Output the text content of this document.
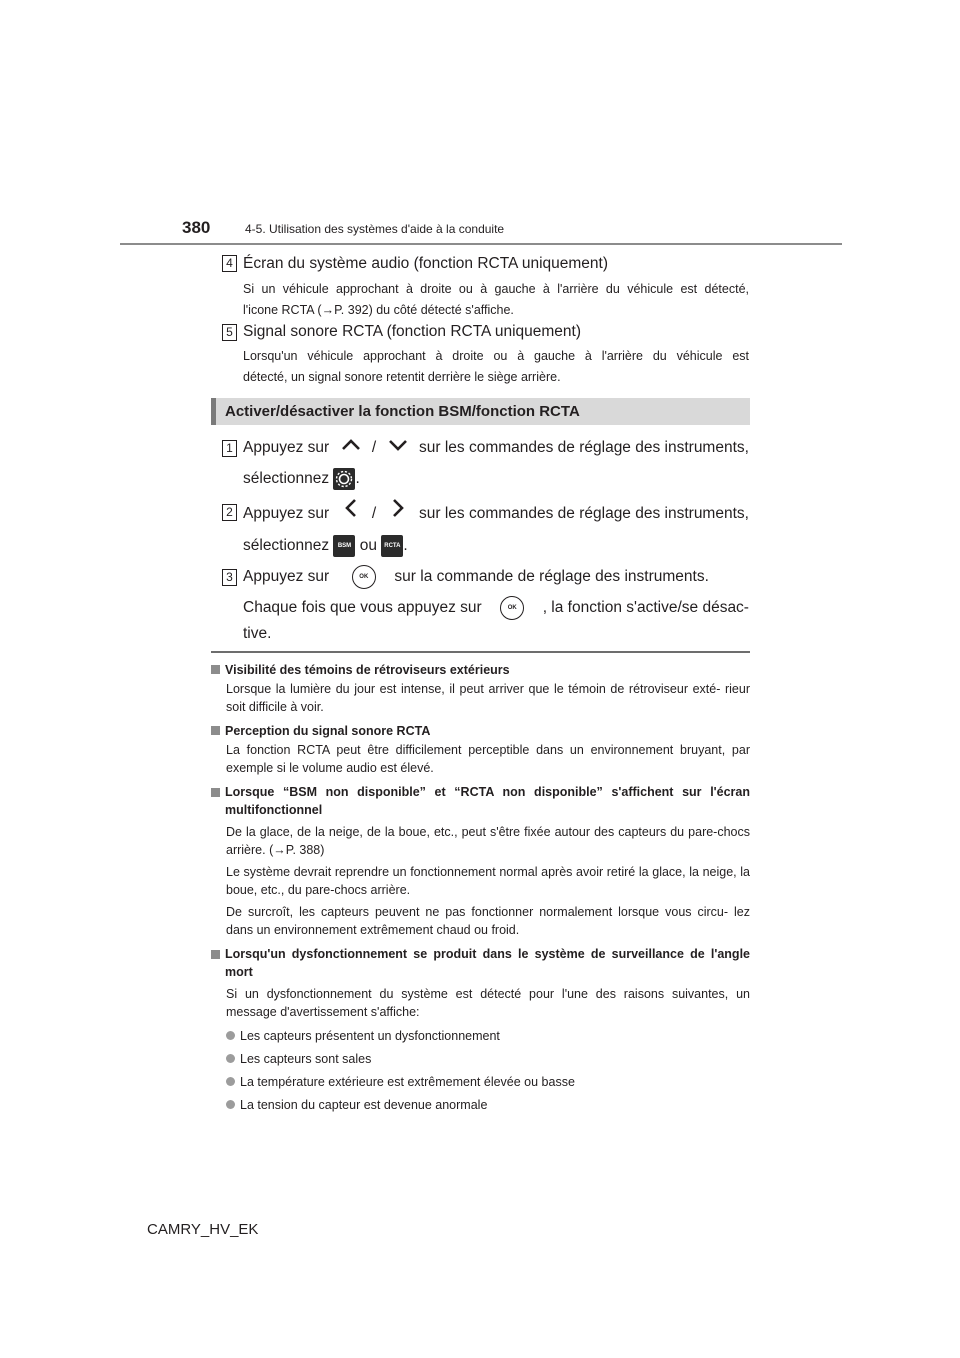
380	4-5. Utilisation des systèmes d'aide à la conduite
4 Écran du système audio (fonction RCTA uniquement)
Si un véhicule approchant à droite ou à gauche à l'arrière du véhicule est détecté,
l'icone RCTA (→P. 392) du côté détecté s'affiche.
5 Signal sonore RCTA (fonction RCTA uniquement)
Lorsqu'un véhicule approchant à droite ou à gauche à l'arrière du véhicule est
détecté, un signal sonore retentit derrière le siège arrière.
Activer/désactiver la fonction BSM/fonction RCTA
1 Appuyez sur	/	sur les commandes de réglage des instruments,
sélectionnez .
2 Appuyez sur	/	sur les commandes de réglage des instruments,
sélectionnez BSM ou RCTA .
3 Appuyez sur	OK sur la commande de réglage des instruments.
Chaque fois que vous appuyez sur	OK	, la fonction s'active/se désac-
tive.
Visibilité des témoins de rétroviseurs extérieurs
Lorsque la lumière du jour est intense, il peut arriver que le témoin de rétroviseur exté- rieur soit difficile à voir.
Perception du signal sonore RCTA
La fonction RCTA peut être difficilement perceptible dans un environnement bruyant, par exemple si le volume audio est élevé.
Lorsque “BSM non disponible” et “RCTA non disponible” s'affichent sur l'écran multifonctionnel
De la glace, de la neige, de la boue, etc., peut s'être fixée autour des capteurs du pare-chocs arrière. (→P. 388)
Le système devrait reprendre un fonctionnement normal après avoir retiré la glace, la neige, la boue, etc., du pare-chocs arrière.
De surcroît, les capteurs peuvent ne pas fonctionner normalement lorsque vous circu- lez dans un environnement extrêmement chaud ou froid.
Lorsqu'un dysfonctionnement se produit dans le système de surveillance de l'angle mort
Si un dysfonctionnement du système est détecté pour l'une des raisons suivantes, un message d'avertissement s'affiche:
Les capteurs présentent un dysfonctionnement
Les capteurs sont sales
La température extérieure est extrêmement élevée ou basse
La tension du capteur est devenue anormale
CAMRY_HV_EK
